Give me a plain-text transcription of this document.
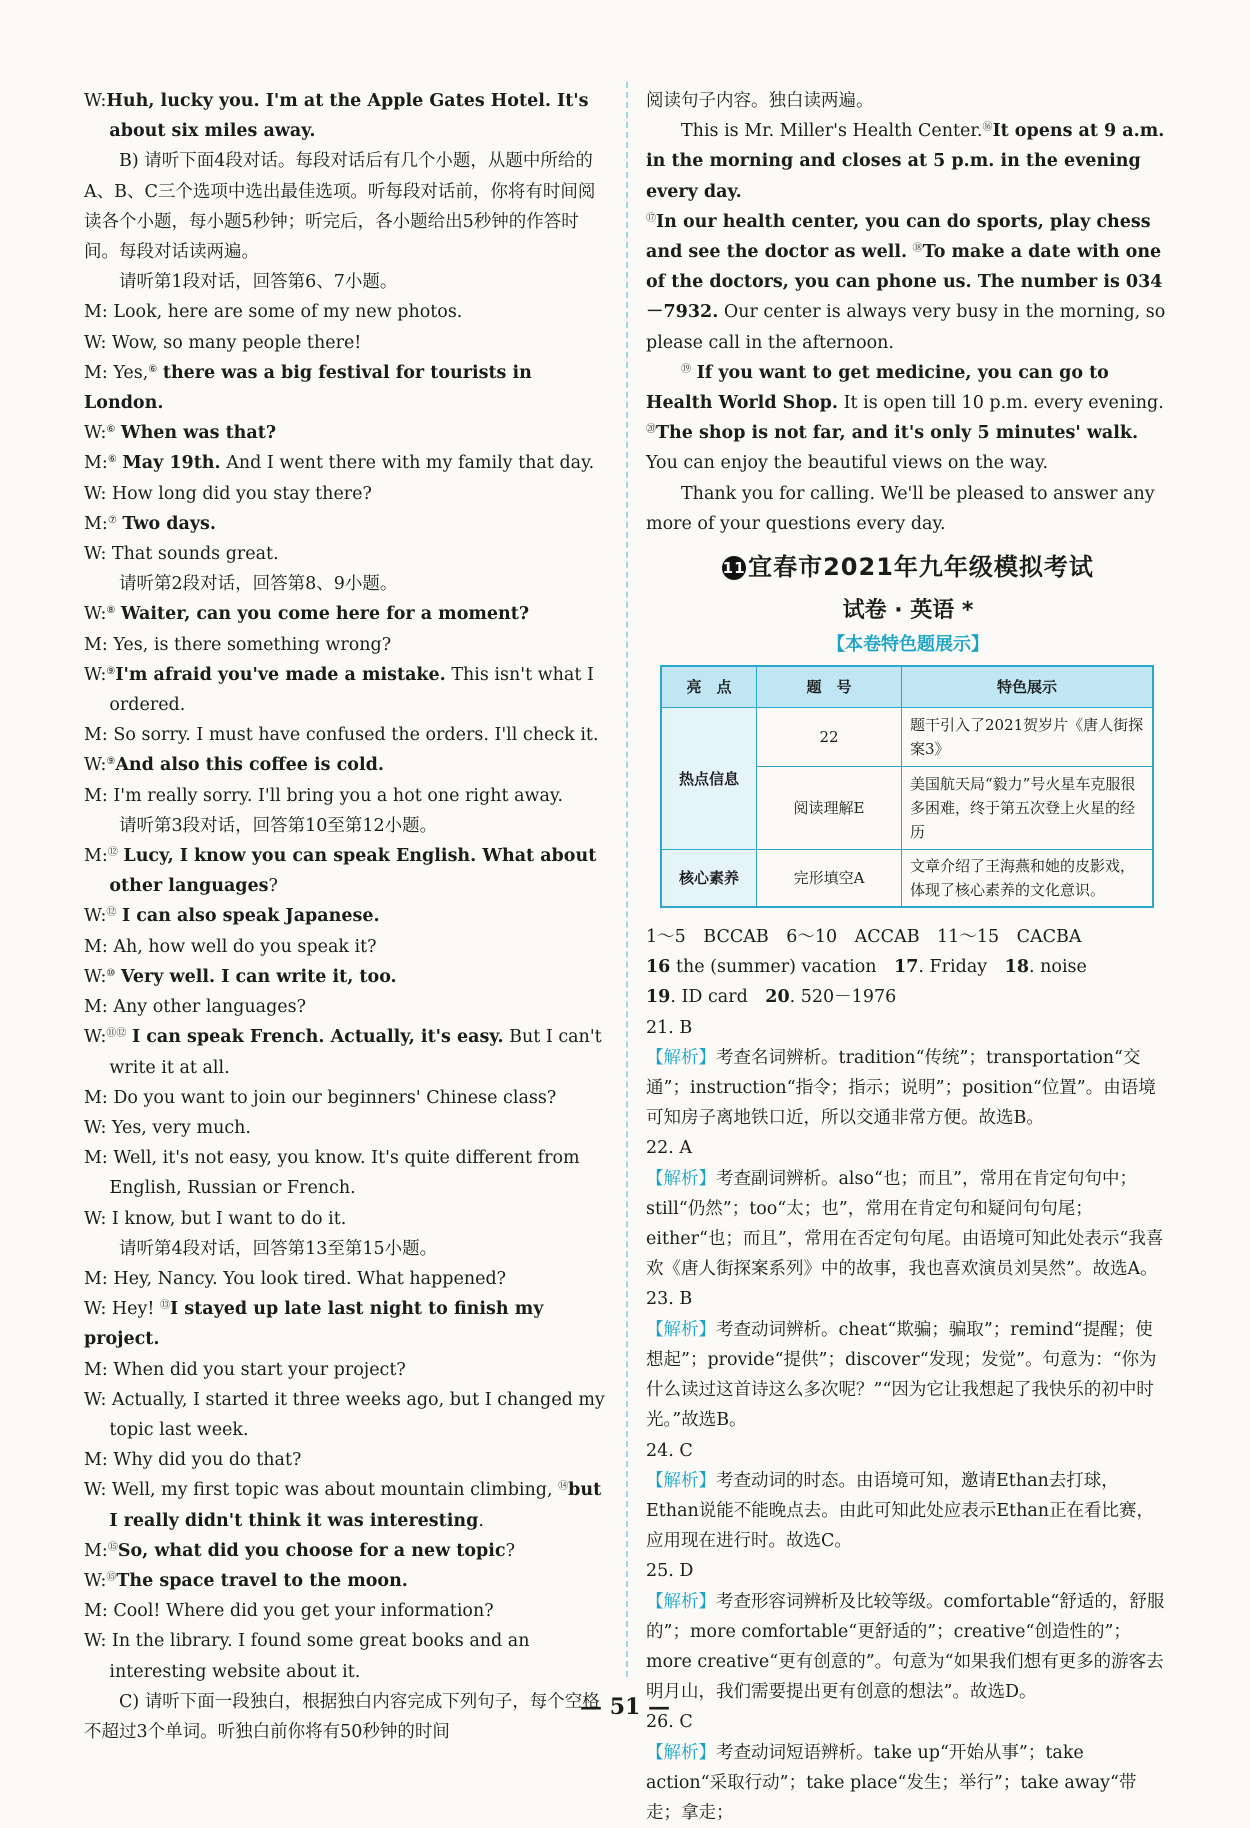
W:Huh, lucky you. I'm at the Apple Gates Hotel. It's about six miles away.

B) 请听下面4段对话。每段对话后有几个小题，从题中所给的A、B、C三个选项中选出最佳选项。听每段对话前，你将有时间阅读各个小题，每小题5秒钟；听完后，各小题给出5秒钟的作答时间。每段对话读两遍。

请听第1段对话，回答第6、7小题。

M: Look, here are some of my new photos.

W: Wow, so many people there!

M: Yes,⑥ there was a big festival for tourists in London.

W:⑥ When was that?

M:⑥ May 19th. And I went there with my family that day.

W: How long did you stay there?

M:⑦ Two days.

W: That sounds great.

请听第2段对话，回答第8、9小题。

W:⑧ Waiter, can you come here for a moment?

M: Yes, is there something wrong?

W:⑨I'm afraid you've made a mistake. This isn't what I ordered.

M: So sorry. I must have confused the orders. I'll check it.

W:⑨And also this coffee is cold.

M: I'm really sorry. I'll bring you a hot one right away.

请听第3段对话，回答第10至第12小题。

M:⑫ Lucy, I know you can speak English. What about other languages?

W:⑫ I can also speak Japanese.

M: Ah, how well do you speak it?

W:⑩ Very well. I can write it, too.

M: Any other languages?

W:⑪⑫ I can speak French. Actually, it's easy. But I can't write it at all.

M: Do you want to join our beginners' Chinese class?

W: Yes, very much.

M: Well, it's not easy, you know. It's quite different from English, Russian or French.

W: I know, but I want to do it.

请听第4段对话，回答第13至第15小题。

M: Hey, Nancy. You look tired. What happened?

W: Hey! ⑬I stayed up late last night to finish my project.

M: When did you start your project?

W: Actually, I started it three weeks ago, but I changed my topic last week.

M: Why did you do that?

W: Well, my first topic was about mountain climbing, ⑭but I really didn't think it was interesting.

M:⑮So, what did you choose for a new topic?

W:⑮The space travel to the moon.

M: Cool! Where did you get your information?

W: In the library. I found some great books and an interesting website about it.

C) 请听下面一段独白，根据独白内容完成下列句子，每个空格不超过3个单词。听独白前你将有50秒钟的时间

阅读句子内容。独白读两遍。

This is Mr. Miller's Health Center.⑯It opens at 9 a.m. in the morning and closes at 5 p.m. in the evening every day.

⑰In our health center, you can do sports, play chess and see the doctor as well. ⑱To make a date with one of the doctors, you can phone us. The number is 034－7932. Our center is always very busy in the morning, so please call in the afternoon.

⑲ If you want to get medicine, you can go to Health World Shop. It is open till 10 p.m. every evening. ⑳The shop is not far, and it's only 5 minutes' walk. You can enjoy the beautiful views on the way.

Thank you for calling. We'll be pleased to answer any more of your questions every day.

11 宜春市2021年九年级模拟考试
试卷 · 英语 *
【本卷特色题展示】
亮　点	题　号	特色展示
热点信息	22	题干引入了2021贺岁片《唐人街探案3》
	阅读理解E	美国航天局“毅力”号火星车克服很多困难，终于第五次登上火星的经历
核心素养	完形填空A	文章介绍了王海燕和她的皮影戏，体现了核心素养的文化意识。

1～5　BCCAB　6～10　ACCAB　11～15　CACBA

16 the (summer) vacation　 17. Friday　 18. noise

19. ID card　 20. 520－1976

21. B

【解析】考查名词辨析。tradition“传统”；transportation“交通”；instruction“指令；指示；说明”；position“位置”。由语境可知房子离地铁口近，所以交通非常方便。故选B。

22. A

【解析】考查副词辨析。also“也；而且”，常用在肯定句句中；still“仍然”；too“太；也”，常用在肯定句和疑问句句尾；either“也；而且”，常用在否定句句尾。由语境可知此处表示“我喜欢《唐人街探案系列》中的故事，我也喜欢演员刘昊然”。故选A。

23. B

【解析】考查动词辨析。cheat“欺骗；骗取”；remind“提醒；使想起”；provide“提供”；discover“发现；发觉”。句意为：“你为什么读过这首诗这么多次呢？”“因为它让我想起了我快乐的初中时光。”故选B。

24. C

【解析】考查动词的时态。由语境可知，邀请Ethan去打球，Ethan说能不能晚点去。由此可知此处应表示Ethan正在看比赛，应用现在进行时。故选C。

25. D

【解析】考查形容词辨析及比较等级。comfortable“舒适的，舒服的”；more comfortable“更舒适的”；creative“创造性的”；more creative“更有创意的”。句意为“如果我们想有更多的游客去明月山，我们需要提出更有创意的想法”。故选D。

26. C

【解析】考查动词短语辨析。take up“开始从事”；take action“采取行动”；take place“发生；举行”；take away“带走；拿走；

— 51 —
